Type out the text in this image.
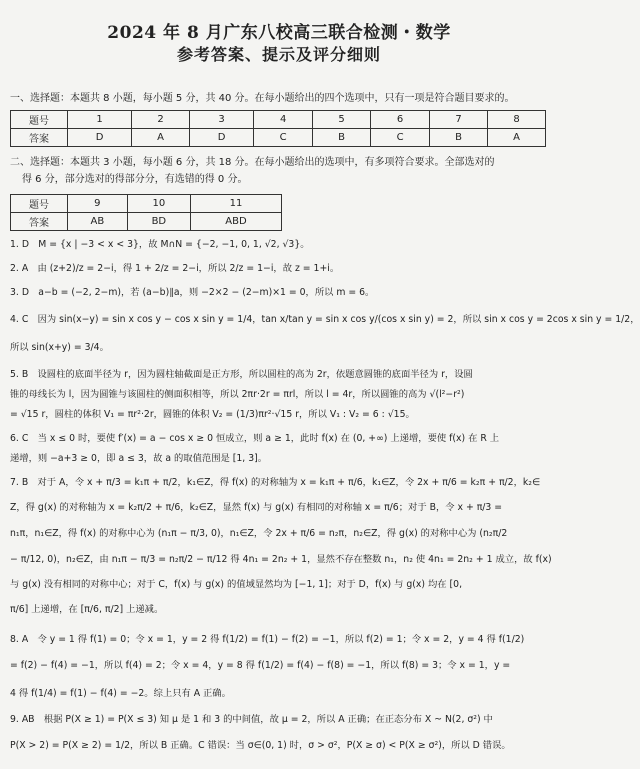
2024 年 8 月广东八校高三联合检测・数学
参考答案、提示及评分细则
一、选择题：本题共 8 小题，每小题 5 分，共 40 分。在每小题给出的四个选项中，只有一项是符合题目要求的。
题号	1	2	3	4	5	6	7	8
答案	D	A	D	C	B	C	B	A
二、选择题：本题共 3 小题，每小题 6 分，共 18 分。在每小题给出的选项中，有多项符合要求。全部选对的
得 6 分，部分选对的得部分分，有选错的得 0 分。
题号	9	10	11
答案	AB	BD	ABD
1. D　M = {x | −3 < x < 3}，故 M∩N = {−2, −1, 0, 1, √2, √3}。
2. A　由 (z+2)/z = 2−i，得 1 + 2/z = 2−i，所以 2/z = 1−i，故 z = 1+i。
3. D　a−b = (−2, 2−m)，若 (a−b)∥a，则 −2×2 − (2−m)×1 = 0，所以 m = 6。
4. C　因为 sin(x−y) = sin x cos y − cos x sin y = 1/4，tan x/tan y = sin x cos y/(cos x sin y) = 2，所以 sin x cos y = 2cos x sin y = 1/2，
所以 sin(x+y) = 3/4。
5. B　设圆柱的底面半径为 r，因为圆柱轴截面是正方形，所以圆柱的高为 2r，依题意圆锥的底面半径为 r，设圆
锥的母线长为 l，因为圆锥与该圆柱的侧面积相等，所以 2πr·2r = πrl，所以 l = 4r，所以圆锥的高为 √(l²−r²)
= √15 r，圆柱的体积 V₁ = πr²·2r，圆锥的体积 V₂ = (1/3)πr²·√15 r，所以 V₁ : V₂ = 6 : √15。
6. C　当 x ≤ 0 时，要使 f′(x) = a − cos x ≥ 0 恒成立，则 a ≥ 1，此时 f(x) 在 (0, +∞) 上递增，要使 f(x) 在 R 上
递增，则 −a+3 ≥ 0，即 a ≤ 3，故 a 的取值范围是 [1, 3]。
7. B　对于 A，令 x + π/3 = k₁π + π/2，k₁∈Z，得 f(x) 的对称轴为 x = k₁π + π/6，k₁∈Z，令 2x + π/6 = k₂π + π/2，k₂∈
Z，得 g(x) 的对称轴为 x = k₂π/2 + π/6，k₂∈Z，显然 f(x) 与 g(x) 有相同的对称轴 x = π/6；对于 B，令 x + π/3 =
n₁π，n₁∈Z，得 f(x) 的对称中心为 (n₁π − π/3, 0)，n₁∈Z，令 2x + π/6 = n₂π，n₂∈Z，得 g(x) 的对称中心为 (n₂π/2
− π/12, 0)，n₂∈Z，由 n₁π − π/3 = n₂π/2 − π/12 得 4n₁ = 2n₂ + 1，显然不存在整数 n₁，n₂ 使 4n₁ = 2n₂ + 1 成立，故 f(x)
与 g(x) 没有相同的对称中心；对于 C，f(x) 与 g(x) 的值域显然均为 [−1, 1]；对于 D，f(x) 与 g(x) 均在 [0,
π/6] 上递增，在 [π/6, π/2] 上递减。
8. A　令 y = 1 得 f(1) = 0；令 x = 1，y = 2 得 f(1/2) = f(1) − f(2) = −1，所以 f(2) = 1；令 x = 2，y = 4 得 f(1/2)
= f(2) − f(4) = −1，所以 f(4) = 2；令 x = 4，y = 8 得 f(1/2) = f(4) − f(8) = −1，所以 f(8) = 3；令 x = 1，y =
4 得 f(1/4) = f(1) − f(4) = −2。综上只有 A 正确。
9. AB　根据 P(X ≥ 1) = P(X ≤ 3) 知 μ 是 1 和 3 的中间值，故 μ = 2，所以 A 正确；在正态分布 X ~ N(2, σ²) 中
P(X > 2) = P(X ≥ 2) = 1/2，所以 B 正确。C 错误：当 σ∈(0, 1) 时，σ > σ²，P(X ≥ σ) < P(X ≥ σ²)，所以 D 错误。
